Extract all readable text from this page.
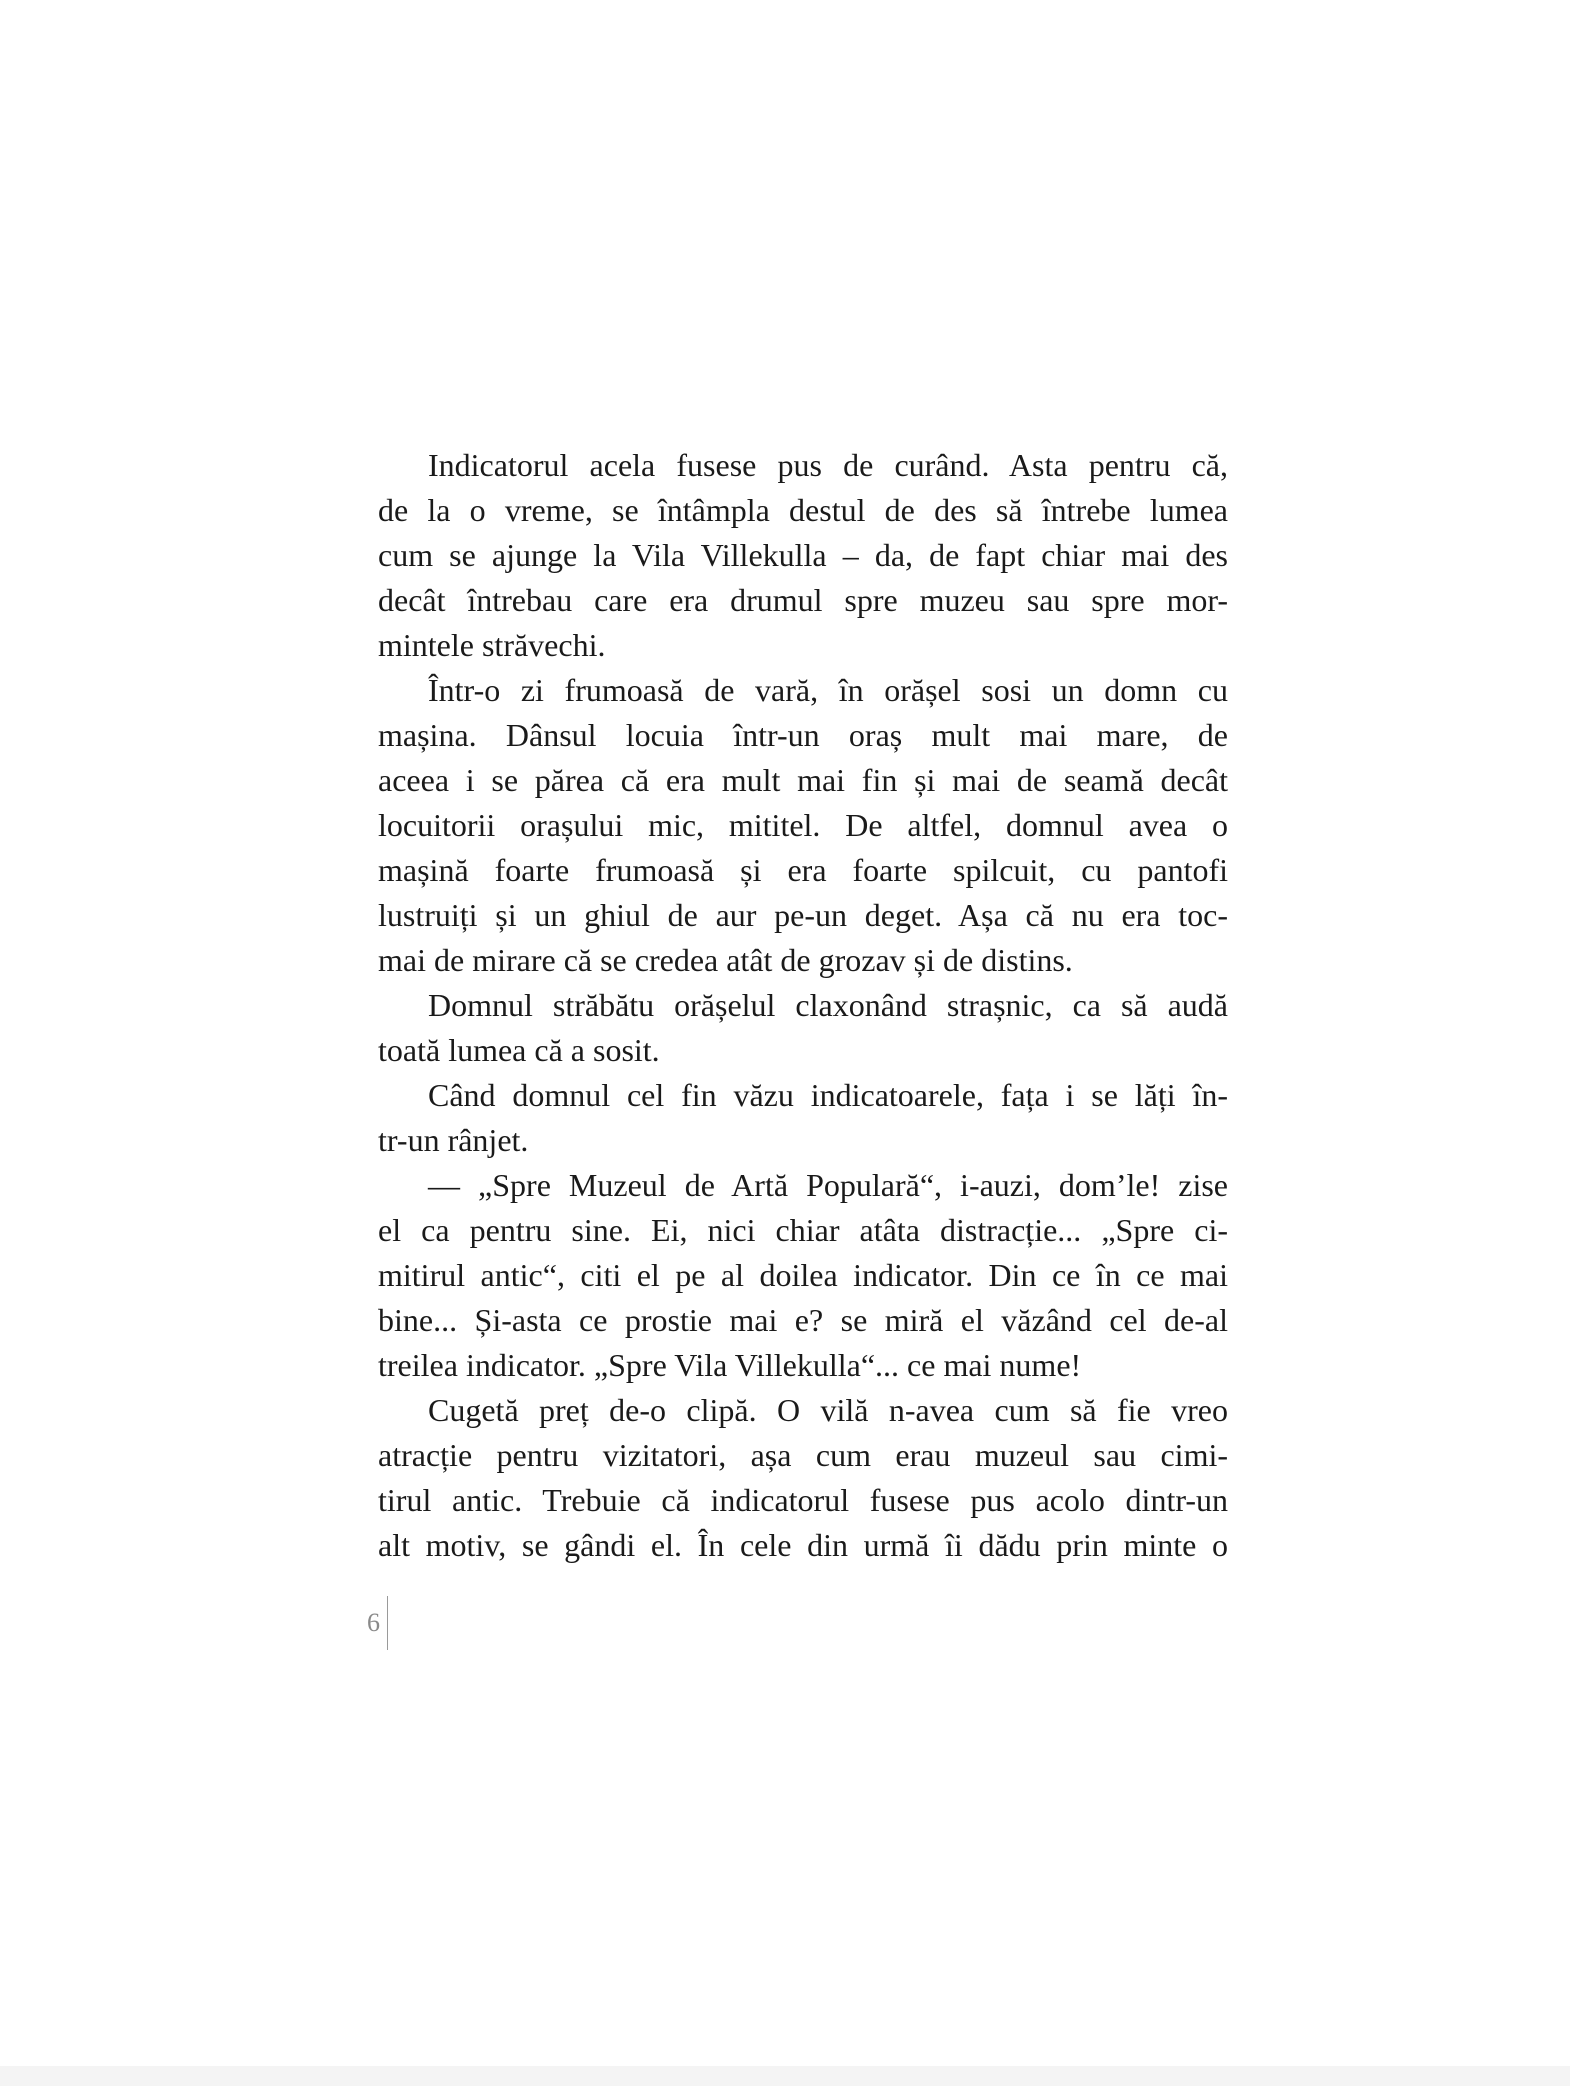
Indicatorul acela fusese pus de curând. Asta pentru că,
de la o vreme, se întâmpla destul de des să întrebe lumea
cum se ajunge la Vila Villekulla – da, de fapt chiar mai des
decât întrebau care era drumul spre muzeu sau spre mor-
mintele străvechi.
Într-o zi frumoasă de vară, în orășel sosi un domn cu
mașina. Dânsul locuia într-un oraș mult mai mare, de
aceea i se părea că era mult mai fin și mai de seamă decât
locuitorii orașului mic, mititel. De altfel, domnul avea o
mașină foarte frumoasă și era foarte spilcuit, cu pantofi
lustruiți și un ghiul de aur pe-un deget. Așa că nu era toc-
mai de mirare că se credea atât de grozav și de distins.
Domnul străbătu orășelul claxonând strașnic, ca să audă
toată lumea că a sosit.
Când domnul cel fin văzu indicatoarele, fața i se lăți în-
tr-un rânjet.
— „Spre Muzeul de Artă Populară“, i-auzi, dom’le! zise
el ca pentru sine. Ei, nici chiar atâta distracție... „Spre ci-
mitirul antic“, citi el pe al doilea indicator. Din ce în ce mai
bine... Și-asta ce prostie mai e? se miră el văzând cel de-al
treilea indicator. „Spre Vila Villekulla“... ce mai nume!
Cugetă preț de-o clipă. O vilă n-avea cum să fie vreo
atracție pentru vizitatori, așa cum erau muzeul sau cimi-
tirul antic. Trebuie că indicatorul fusese pus acolo dintr-un
alt motiv, se gândi el. În cele din urmă îi dădu prin minte o
6
